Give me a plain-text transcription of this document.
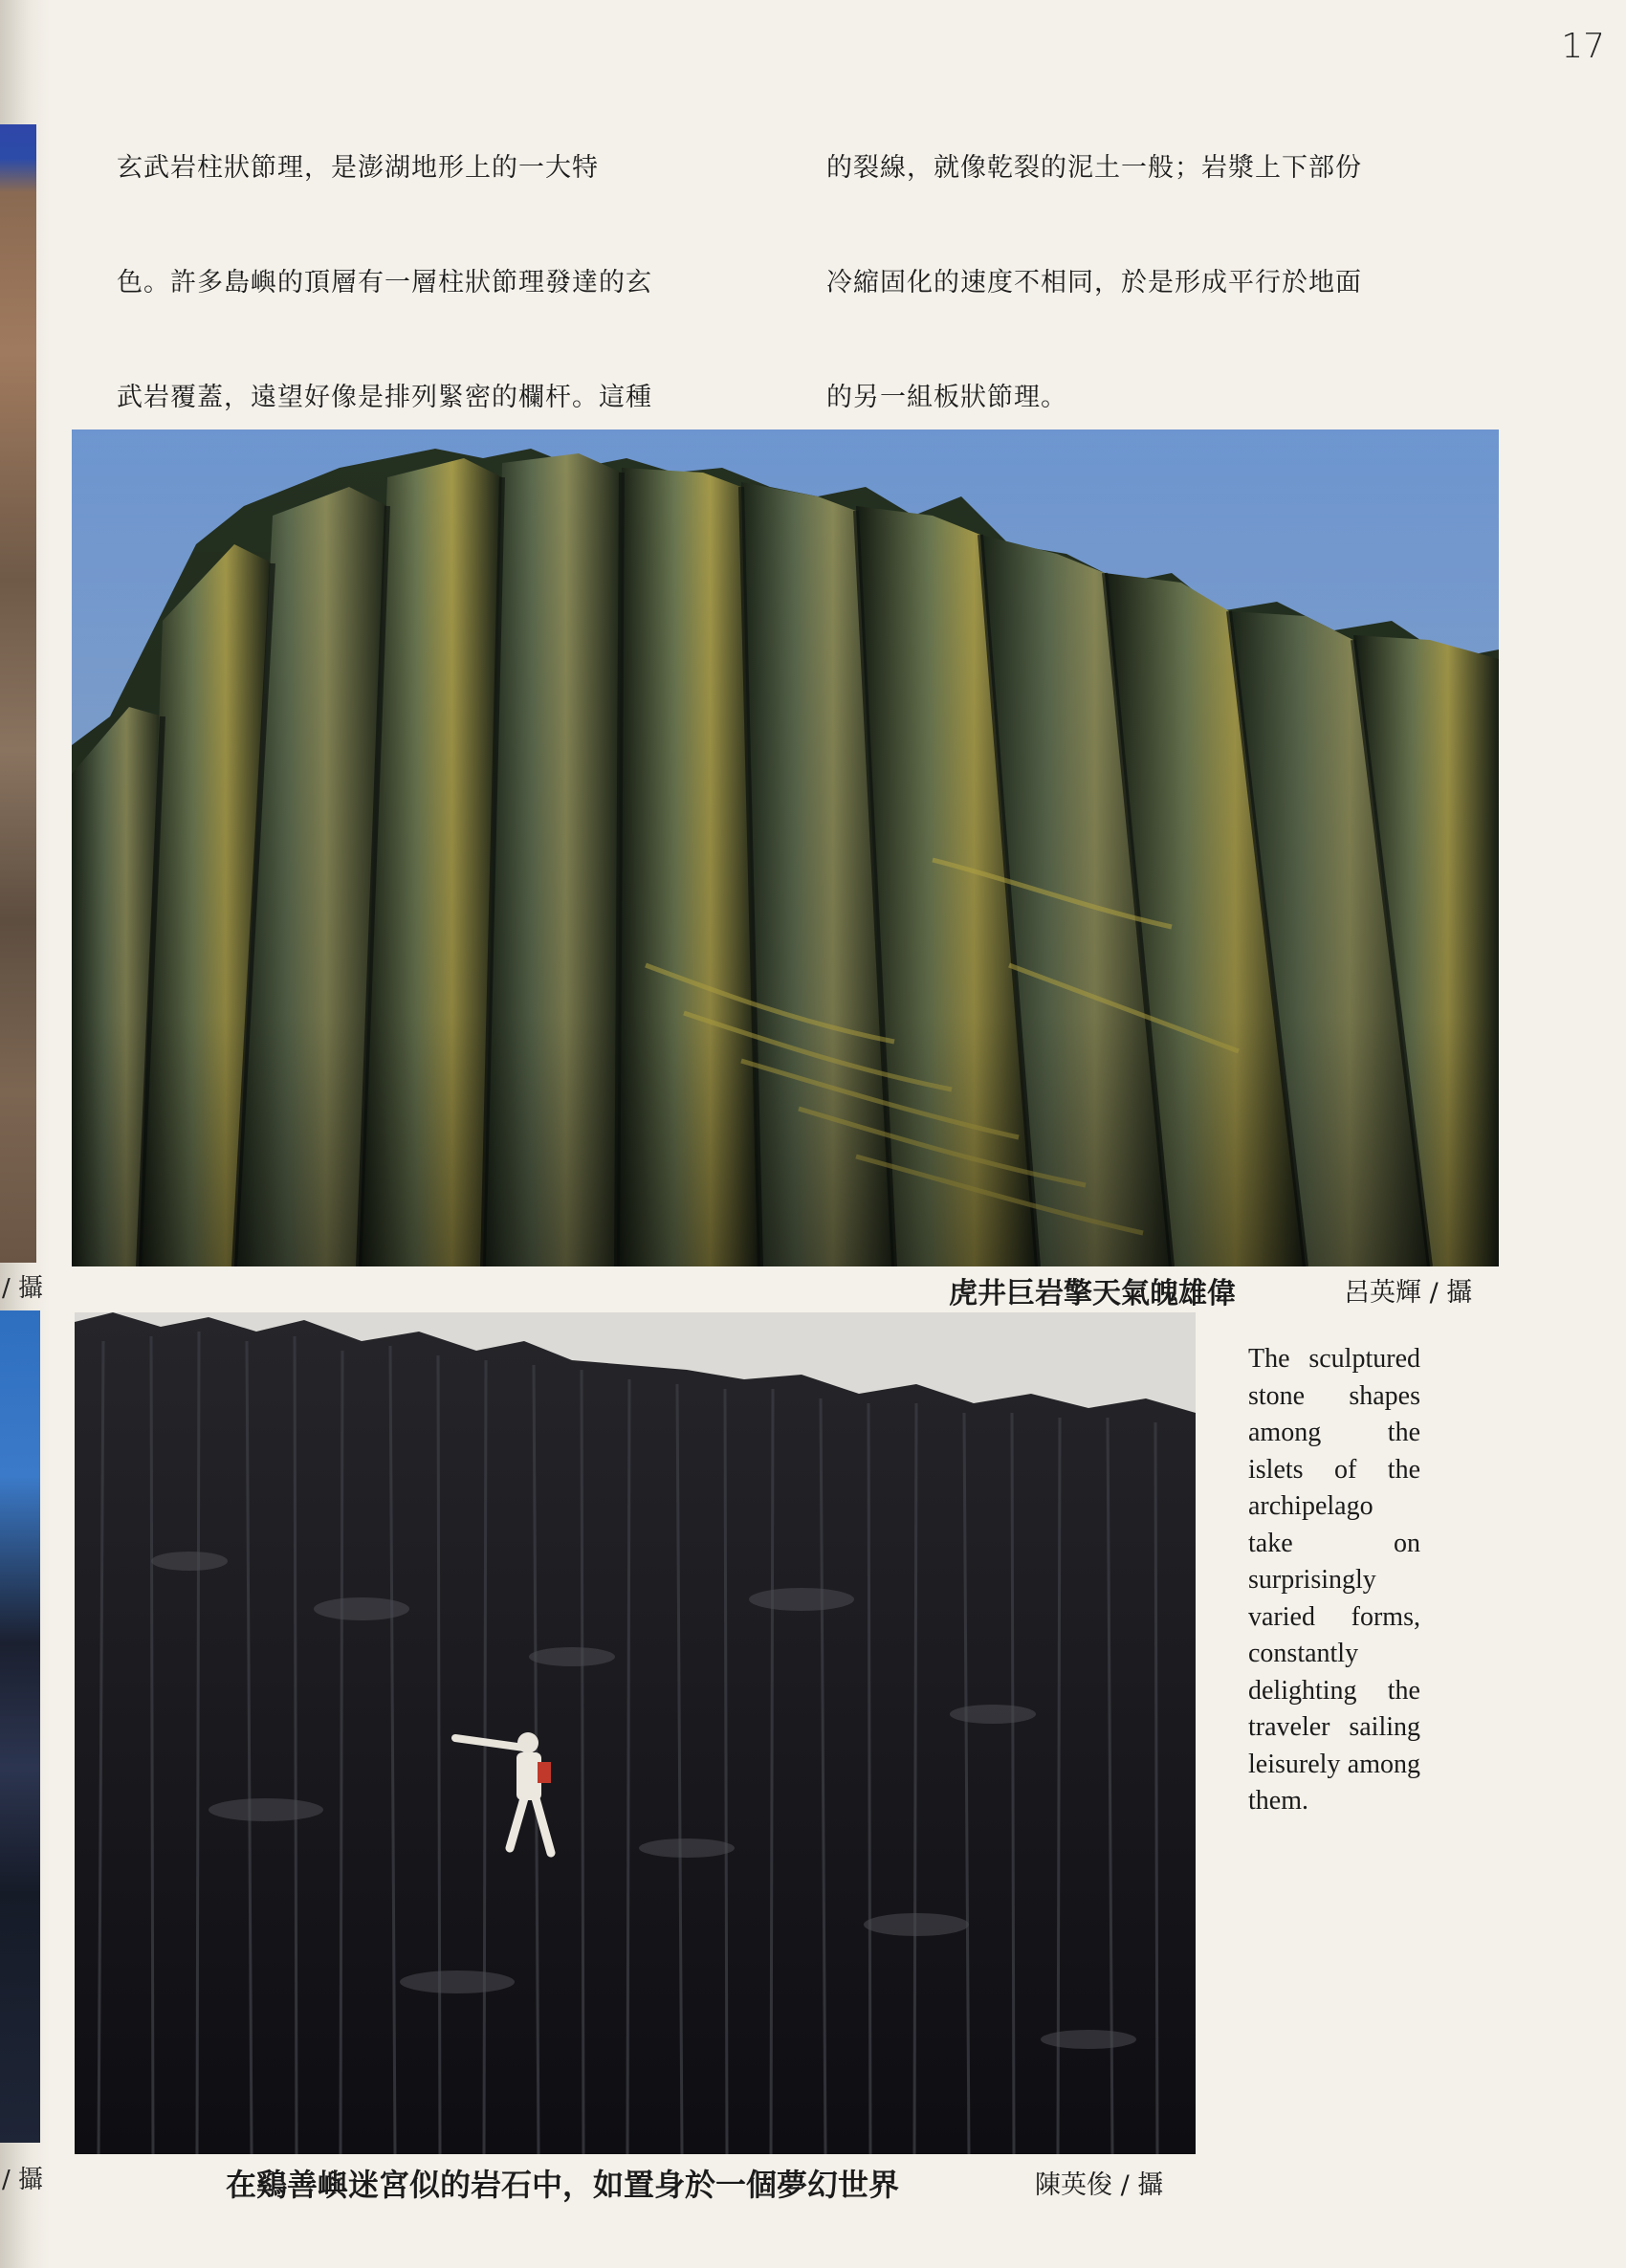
/ 攝
/ 攝
17

玄武岩柱狀節理，是澎湖地形上的一大特

色。許多島嶼的頂層有一層柱狀節理發達的玄

武岩覆蓋，遠望好像是排列緊密的欄杆。這種

的裂線，就像乾裂的泥土一般；岩漿上下部份

冷縮固化的速度不相同，於是形成平行於地面

的另一組板狀節理。

虎井巨岩擎天氣魄雄偉	呂英輝 / 攝
在鷄善嶼迷宮似的岩石中，如置身於一個夢幻世界	陳英俊 / 攝
The sculptured stone shapes among the islets of the archipelago take on surprisingly varied forms, constantly delighting the traveler sailing leisurely among them.
